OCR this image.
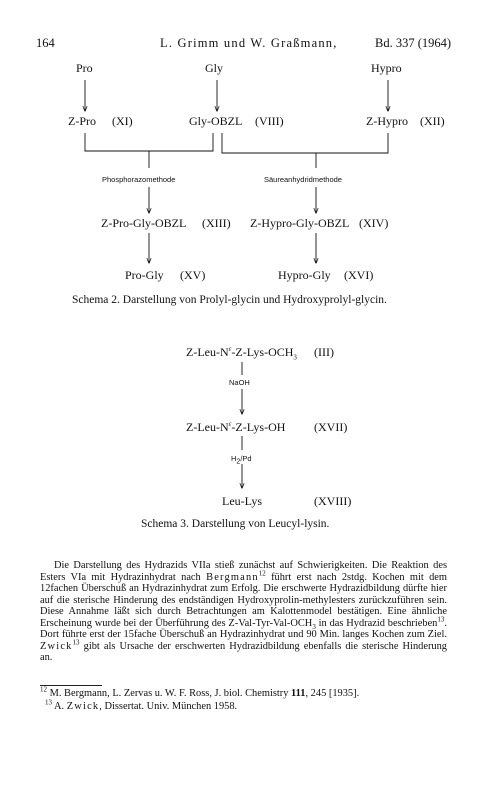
164	L. Grimm und W. Graßmann,	Bd. 337 (1964)
Pro	Gly	Hypro
Z-Pro (XI)	Gly-OBZL (VIII)	Z-Hypro (XII)
Phosphorazomethode	Säureanhydridmethode
Z-Pro-Gly-OBZL (XIII) Z-Hypro-Gly-OBZL (XIV)
Pro-Gly (XV)	Hypro-Gly (XVI)
Schema 2. Darstellung von Prolyl-glycin und Hydroxyprolyl-glycin.
$Z-Leu-N^\varepsilon-Z-Lys-OCH_3$ (III)
NaOH
$Z-Leu-N^\varepsilon-Z-Lys-OH$ (XVII)
$H_2/Pd$
Leu-Lys	(XVIII)
Schema 3. Darstellung von Leucyl-lysin.

Die Darstellung des Hydrazids VIIa stieß zunächst auf Schwierigkeiten. Die Reaktion des Esters VIa mit Hydrazinhydrat nach Bergmann$^{12}$ führt erst nach 2stdg. Kochen mit dem 12fachen Überschuß an Hydrazinhydrat zum Erfolg. Die erschwerte Hydrazidbildung dürfte hier auf die sterische Hinderung des endständigen Hydroxyprolin-methylesters zurückzuführen sein. Diese Annahme läßt sich durch Betrachtungen am Kalottenmodel bestätigen. Eine ähnliche Erscheinung wurde bei der Überführung des $Z-Val-Tyr-Val-OCH_3$ in das Hydrazid beschrieben$^{13}$. Dort führte erst der 15fache Überschuß an Hydrazinhydrat und 90 Min. langes Kochen zum Ziel. Zwick$^{13}$ gibt als Ursache der erschwerten Hydrazidbildung ebenfalls die sterische Hinderung an.

$^{12}$ M. Bergmann, L. Zervas u. W. F. Ross, J. biol. Chemistry 111, 245 [1935].

$^{13}$ A. Zwick, Dissertat. Univ. München 1958.
